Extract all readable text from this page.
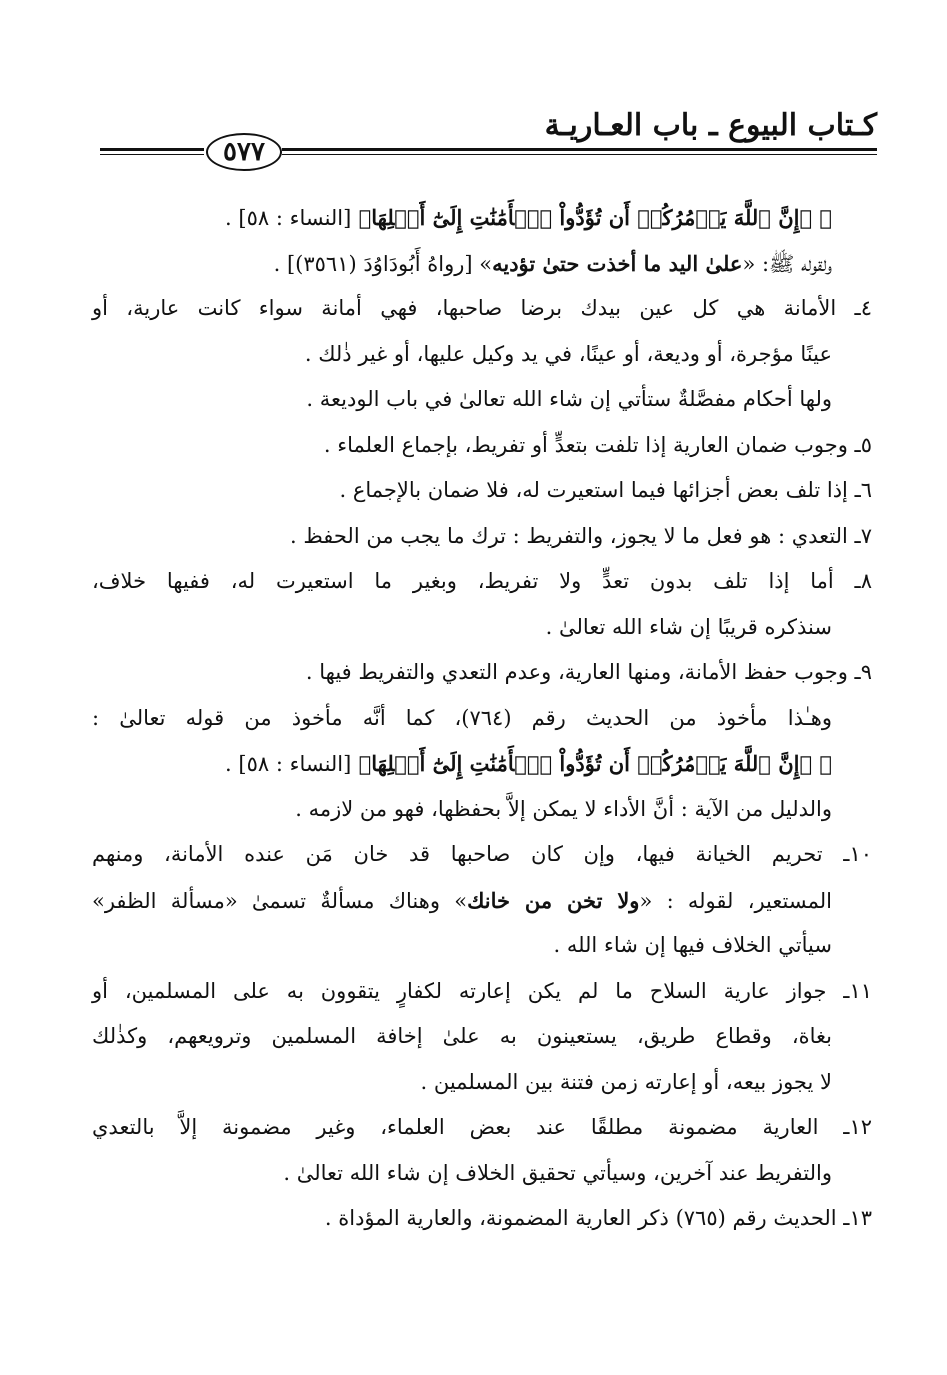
كـتاب البيوع ـ باب العـاريـة
٥٧٧
﴿ ﴿إِنَّ ٱللَّهَ يَأۡمُرُكُمۡ أَن تُؤَدُّواْ ٱلۡأَمَٰنَٰتِ إِلَىٰٓ أَهۡلِهَا﴾ [النساء : ٥٨] .
ولقوله ﷺ: «علىٰ اليد ما أخذت حتىٰ تؤديه» [رواهُ أَبُودَاوُدَ (٣٥٦١)] .
٤ـ الأمانة هي كل عين بيدك برضا صاحبها، فهي أمانة سواء كانت عارية، أو
عينًا مؤجرة، أو وديعة، أو عينًا، في يد وكيل عليها، أو غير ذٰلك .
ولها أحكام مفصَّلةٌ ستأتي إن شاء الله تعالىٰ في باب الوديعة .
٥ـ وجوب ضمان العارية إذا تلفت بتعدٍّ أو تفريط، بإجماع العلماء .
٦ـ إذا تلف بعض أجزائها فيما استعيرت له، فلا ضمان بالإجماع .
٧ـ التعدي : هو فعل ما لا يجوز، والتفريط : ترك ما يجب من الحفظ .
٨ـ أما إذا تلف بدون تعدٍّ ولا تفريط، وبغير ما استعيرت له، ففيها خلاف،
سنذكره قريبًا إن شاء الله تعالىٰ .
٩ـ وجوب حفظ الأمانة، ومنها العارية، وعدم التعدي والتفريط فيها .
وهـٰذا مأخوذ من الحديث رقم (٧٦٤)، كما أنَّه مأخوذ من قوله تعالىٰ :
﴿ ﴿إِنَّ ٱللَّهَ يَأۡمُرُكُمۡ أَن تُؤَدُّواْ ٱلۡأَمَٰنَٰتِ إِلَىٰٓ أَهۡلِهَا﴾ [النساء : ٥٨] .
والدليل من الآية : أنَّ الأداء لا يمكن إلاَّ بحفظها، فهو من لازمه .
١٠ـ تحريم الخيانة فيها، وإن كان صاحبها قد خان مَن عنده الأمانة، ومنهم
المستعير، لقوله : «ولا تخن من خانك» وهناك مسألةٌ تسمىٰ «مسألة الظفر»
سيأتي الخلاف فيها إن شاء الله .
١١ـ جواز عارية السلاح ما لم يكن إعارته لكفارٍ يتقوون به على المسلمين، أو
بغاة، وقطاع طريق، يستعينون به علىٰ إخافة المسلمين وترويعهم، وكذٰلك
لا يجوز بيعه، أو إعارته زمن فتنة بين المسلمين .
١٢ـ العارية مضمونة مطلقًا عند بعض العلماء، وغير مضمونة إلاَّ بالتعدي
والتفريط عند آخرين، وسيأتي تحقيق الخلاف إن شاء الله تعالىٰ .
١٣ـ الحديث رقم (٧٦٥) ذكر العارية المضمونة، والعارية المؤداة .
